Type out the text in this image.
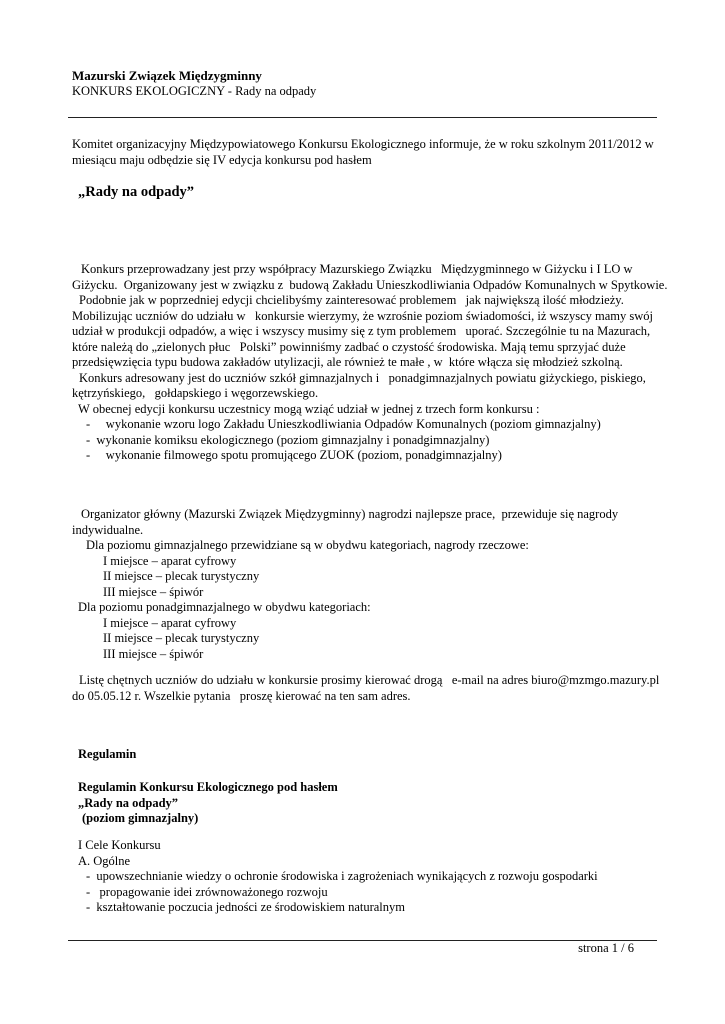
Mazurski Związek Międzygminny
KONKURS EKOLOGICZNY - Rady na odpady
Komitet organizacyjny Międzypowiatowego Konkursu Ekologicznego informuje, że w roku szkolnym 2011/2012 w
miesiącu maju odbędzie się IV edycja konkursu pod hasłem
„Rady na odpady”
Konkurs przeprowadzany jest przy współpracy Mazurskiego Związku   Międzygminnego w Giżycku i I LO w
Giżycku.  Organizowany jest w związku z  budową Zakładu Unieszkodliwiania Odpadów Komunalnych w Spytkowie.
Podobnie jak w poprzedniej edycji chcielibyśmy zainteresować problemem   jak największą ilość młodzieży.
Mobilizując uczniów do udziału w   konkursie wierzymy, że wzrośnie poziom świadomości, iż wszyscy mamy swój
udział w produkcji odpadów, a więc i wszyscy musimy się z tym problemem   uporać. Szczególnie tu na Mazurach,
które należą do „zielonych płuc   Polski” powinniśmy zadbać o czystość środowiska. Mają temu sprzyjać duże
przedsięwzięcia typu budowa zakładów utylizacji, ale również te małe , w  które włącza się młodzież szkolną.
Konkurs adresowany jest do uczniów szkół gimnazjalnych i   ponadgimnazjalnych powiatu giżyckiego, piskiego,
kętrzyńskiego,   gołdapskiego i węgorzewskiego.
W obecnej edycji konkursu uczestnicy mogą wziąć udział w jednej z trzech form konkursu :
-     wykonanie wzoru logo Zakładu Unieszkodliwiania Odpadów Komunalnych (poziom gimnazjalny)
-  wykonanie komiksu ekologicznego (poziom gimnazjalny i ponadgimnazjalny)
-     wykonanie filmowego spotu promującego ZUOK (poziom, ponadgimnazjalny)
Organizator główny (Mazurski Związek Międzygminny) nagrodzi najlepsze prace,  przewiduje się nagrody
indywidualne.
Dla poziomu gimnazjalnego przewidziane są w obydwu kategoriach, nagrody rzeczowe:
I miejsce – aparat cyfrowy
II miejsce – plecak turystyczny
III miejsce – śpiwór
Dla poziomu ponadgimnazjalnego w obydwu kategoriach:
I miejsce – aparat cyfrowy
II miejsce – plecak turystyczny
III miejsce – śpiwór
Listę chętnych uczniów do udziału w konkursie prosimy kierować drogą   e-mail na adres biuro@mzmgo.mazury.pl
do 05.05.12 r. Wszelkie pytania   proszę kierować na ten sam adres.
Regulamin
Regulamin Konkursu Ekologicznego pod hasłem
„Rady na odpady”
(poziom gimnazjalny)
I Cele Konkursu
A. Ogólne
-  upowszechnianie wiedzy o ochronie środowiska i zagrożeniach wynikających z rozwoju gospodarki
-   propagowanie idei zrównoważonego rozwoju
-  kształtowanie poczucia jedności ze środowiskiem naturalnym
strona 1 / 6
